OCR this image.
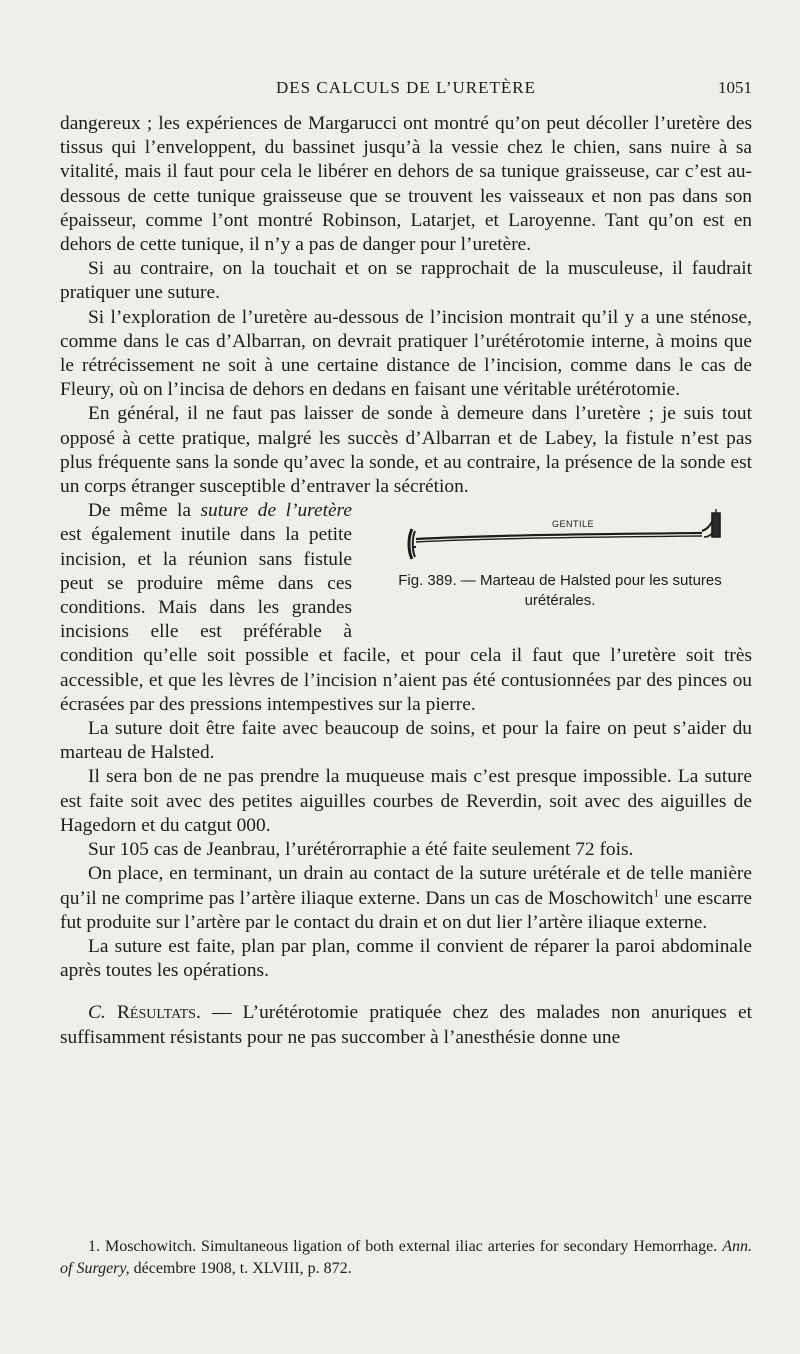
DES CALCULS DE L’URETÈRE	1051

dangereux ; les expériences de Margarucci ont montré qu’on peut décoller l’uretère des tissus qui l’enveloppent, du bassinet jusqu’à la vessie chez le chien, sans nuire à sa vitalité, mais il faut pour cela le libérer en dehors de sa tunique graisseuse, car c’est au-dessous de cette tunique graisseuse que se trouvent les vaisseaux et non pas dans son épaisseur, comme l’ont montré Robinson, Latarjet, et Laroyenne. Tant qu’on est en dehors de cette tunique, il n’y a pas de danger pour l’uretère.

Si au contraire, on la touchait et on se rapprochait de la musculeuse, il faudrait pratiquer une suture.

Si l’exploration de l’uretère au-dessous de l’incision montrait qu’il y a une sténose, comme dans le cas d’Albarran, on devrait pratiquer l’urétérotomie interne, à moins que le rétrécissement ne soit à une certaine distance de l’incision, comme dans le cas de Fleury, où on l’incisa de dehors en dedans en faisant une véritable urétérotomie.

En général, il ne faut pas laisser de sonde à demeure dans l’uretère ; je suis tout opposé à cette pratique, malgré les succès d’Albarran et de Labey, la fistule n’est pas plus fréquente sans la sonde qu’avec la sonde, et au contraire, la présence de la sonde est un corps étranger susceptible d’entraver la sécrétion.

GENTILE
Fig. 389. — Marteau de Halsted pour les sutures urétérales.

De même la suture de l’uretère est également inutile dans la petite incision, et la réunion sans fistule peut se produire même dans ces conditions. Mais dans les grandes incisions elle est préférable à condition qu’elle soit possible et facile, et pour cela il faut que l’uretère soit très accessible, et que les lèvres de l’incision n’aient pas été contusionnées par des pinces ou écrasées par des pressions intempestives sur la pierre.

La suture doit être faite avec beaucoup de soins, et pour la faire on peut s’aider du marteau de Halsted.

Il sera bon de ne pas prendre la muqueuse mais c’est presque impossible. La suture est faite soit avec des petites aiguilles courbes de Reverdin, soit avec des aiguilles de Hagedorn et du catgut 000.

Sur 105 cas de Jeanbrau, l’urétérorraphie a été faite seulement 72 fois.

On place, en terminant, un drain au contact de la suture urétérale et de telle manière qu’il ne comprime pas l’artère iliaque externe. Dans un cas de Moschowitch$^1$ une escarre fut produite sur l’artère par le contact du drain et on dut lier l’artère iliaque externe.

La suture est faite, plan par plan, comme il convient de réparer la paroi abdominale après toutes les opérations.

C. Résultats. — L’urétérotomie pratiquée chez des malades non anuriques et suffisamment résistants pour ne pas succomber à l’anesthésie donne une

1. Moschowitch. Simultaneous ligation of both external iliac arteries for secondary Hemorrhage. Ann. of Surgery, décembre 1908, t. XLVIII, p. 872.
